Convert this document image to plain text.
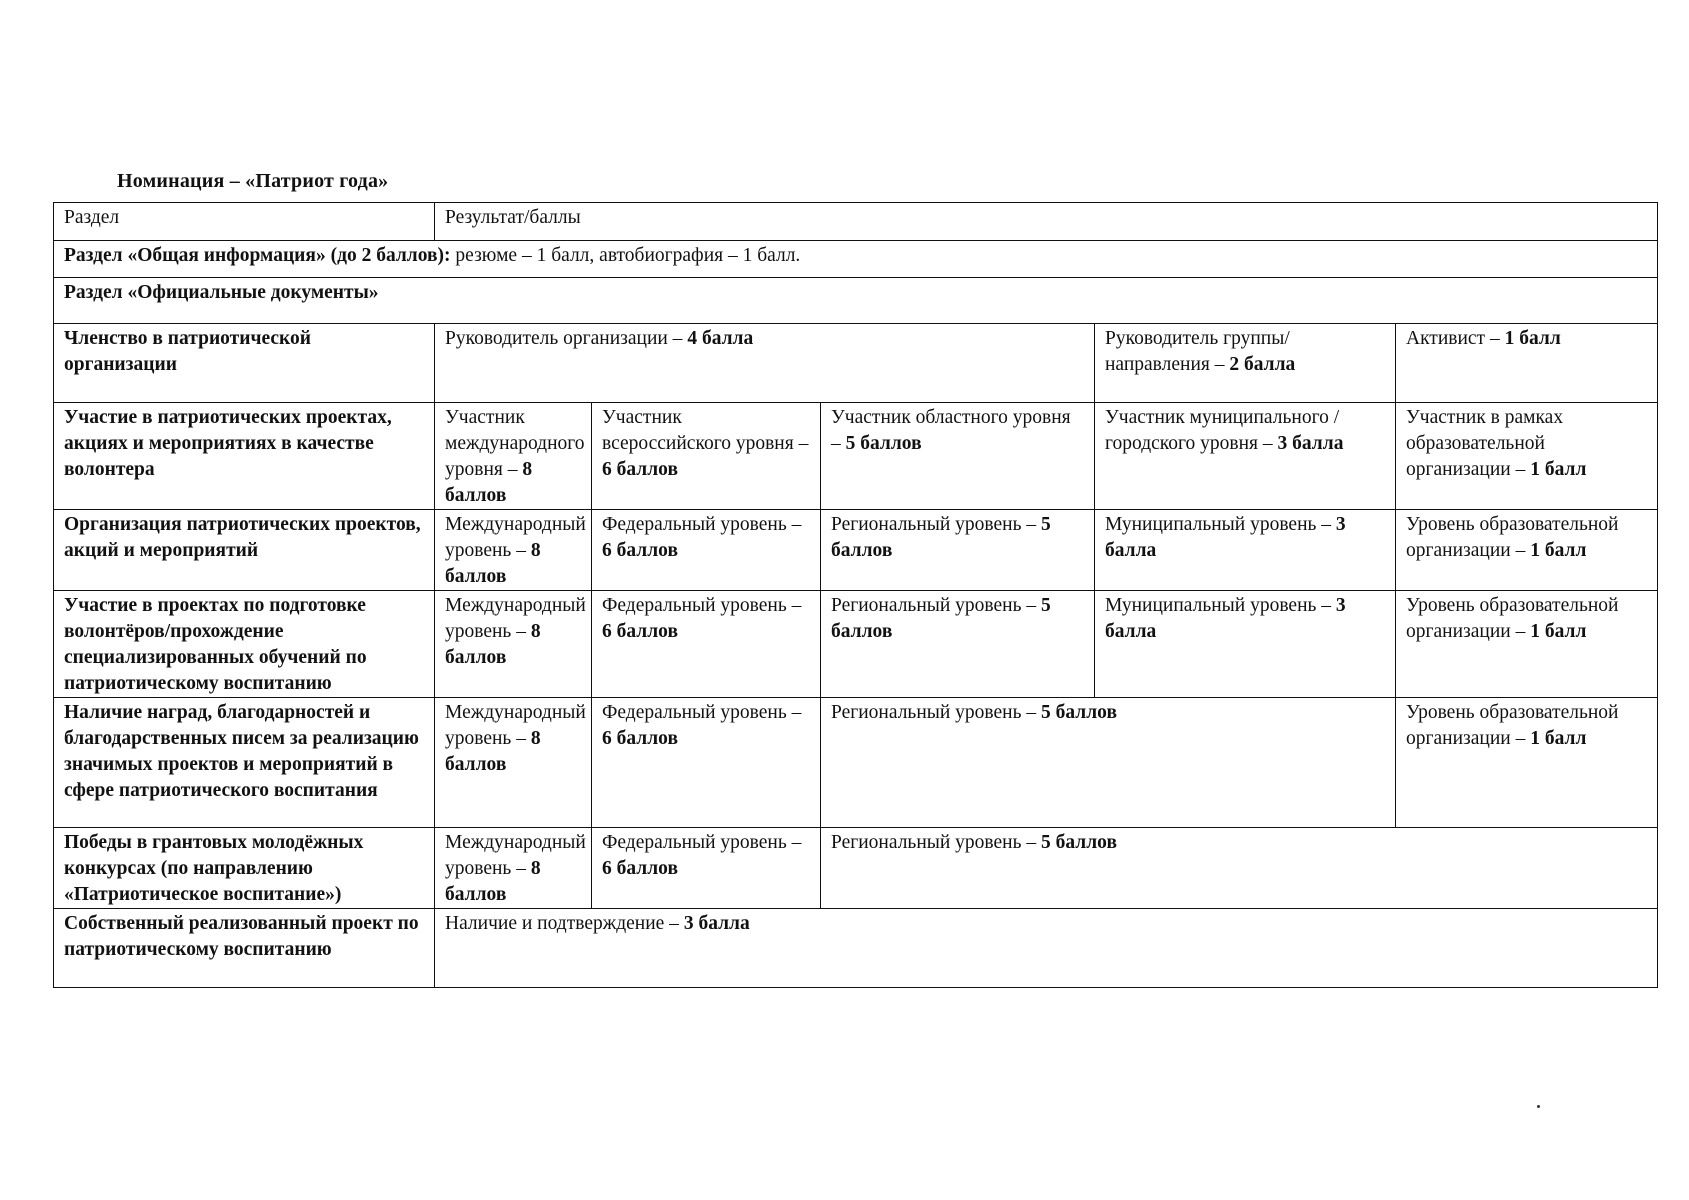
Номинация – «Патриот года»
Раздел	Результат/баллы				
Раздел «Общая информация» (до 2 баллов): резюме – 1 балл, автобиография – 1 балл.					
Раздел «Официальные документы»					
Членство в патриотической организации	Руководитель организации – 4 балла			Руководитель группы/направления – 2 балла	Активист – 1 балл
Участие в патриотических проектах, акциях и мероприятиях в качестве волонтера	Участник международного уровня – 8 баллов	Участник всероссийского уровня – 6 баллов	Участник областного уровня – 5 баллов	Участник муниципального /городского уровня – 3 балла	Участник в рамках образовательной организации – 1 балл
Организация патриотических проектов, акций и мероприятий	Международный уровень – 8 баллов	Федеральный уровень – 6 баллов	Региональный уровень – 5 баллов	Муниципальный уровень – 3 балла	Уровень образовательной организации – 1 балл
Участие в проектах по подготовке волонтёров/прохождение специализированных обучений по патриотическому воспитанию	Международный уровень – 8 баллов	Федеральный уровень – 6 баллов	Региональный уровень – 5 баллов	Муниципальный уровень – 3 балла	Уровень образовательной организации – 1 балл
Наличие наград, благодарностей и благодарственных писем за реализацию значимых проектов и мероприятий в сфере патриотического воспитания	Международный уровень – 8 баллов	Федеральный уровень – 6 баллов	Региональный уровень – 5 баллов		Уровень образовательной организации – 1 балл
Победы в грантовых молодёжных конкурсах (по направлению «Патриотическое воспитание»)	Международный уровень – 8 баллов	Федеральный уровень – 6 баллов	Региональный уровень – 5 баллов		
Собственный реализованный проект по патриотическому воспитанию	Наличие и подтверждение – 3 балла				
